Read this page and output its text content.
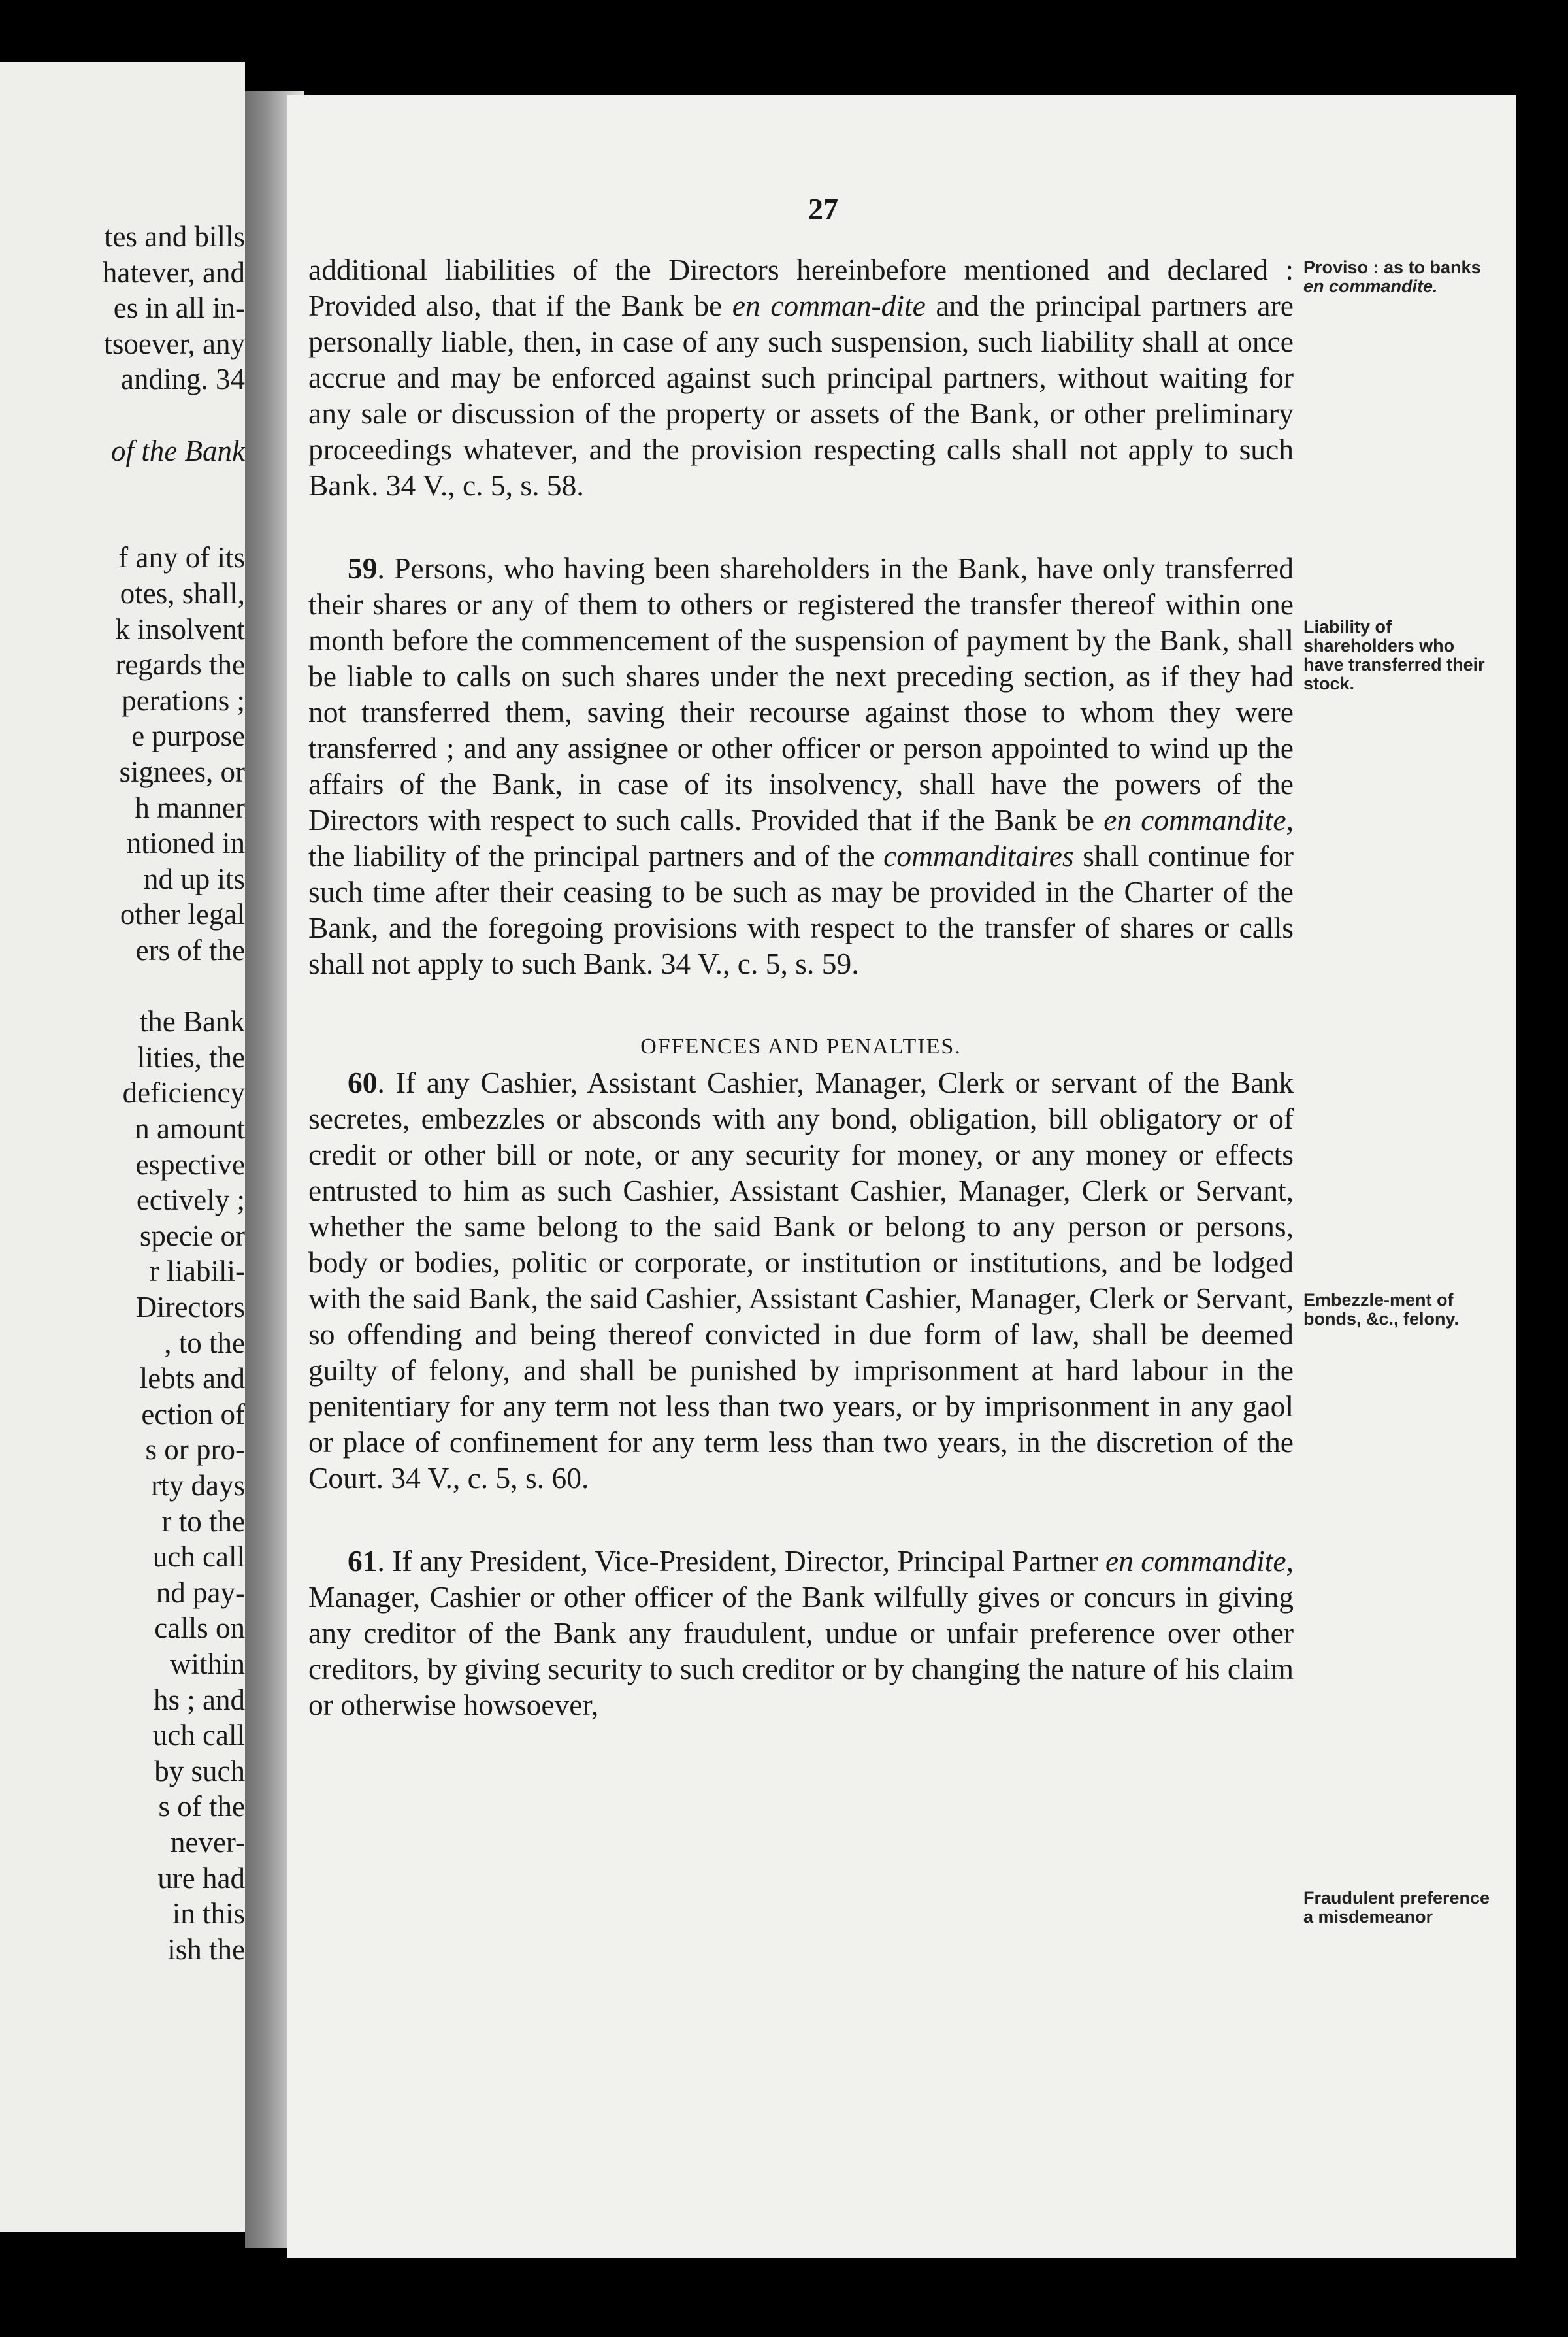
tes and bills
hatever, and
es in all in-
tsoever, any
anding. 34
of the Bank
f any of its
otes, shall,
k insolvent
regards the
perations ;
e purpose
signees, or
h manner
ntioned in
nd up its
other legal
ers of the
the Bank
lities, the
deficiency
n amount
espective
ectively ;
specie or
r liabili-
Directors
, to the
lebts and
ection of
s or pro-
rty days
r to the
uch call
nd pay-
calls on
within
hs ; and
uch call
by such
s of the
never-
ure had
in this
ish the
27

additional liabilities of the Directors hereinbefore mentioned and declared : Provided also, that if the Bank be en comman-dite and the principal partners are personally liable, then, in case of any such suspension, such liability shall at once accrue and may be enforced against such principal partners, without waiting for any sale or discussion of the property or assets of the Bank, or other preliminary proceedings whatever, and the provision respecting calls shall not apply to such Bank. 34 V., c. 5, s. 58.

59. Persons, who having been shareholders in the Bank, have only transferred their shares or any of them to others or registered the transfer thereof within one month before the commencement of the suspension of payment by the Bank, shall be liable to calls on such shares under the next preceding section, as if they had not transferred them, saving their recourse against those to whom they were transferred ; and any assignee or other officer or person appointed to wind up the affairs of the Bank, in case of its insolvency, shall have the powers of the Directors with respect to such calls. Provided that if the Bank be en commandite, the liability of the principal partners and of the commanditaires shall continue for such time after their ceasing to be such as may be provided in the Charter of the Bank, and the foregoing provisions with respect to the transfer of shares or calls shall not apply to such Bank. 34 V., c. 5, s. 59.

OFFENCES AND PENALTIES.

60. If any Cashier, Assistant Cashier, Manager, Clerk or servant of the Bank secretes, embezzles or absconds with any bond, obligation, bill obligatory or of credit or other bill or note, or any security for money, or any money or effects entrusted to him as such Cashier, Assistant Cashier, Manager, Clerk or Servant, whether the same belong to the said Bank or belong to any person or persons, body or bodies, politic or corporate, or institution or institutions, and be lodged with the said Bank, the said Cashier, Assistant Cashier, Manager, Clerk or Servant, so offending and being thereof convicted in due form of law, shall be deemed guilty of felony, and shall be punished by imprisonment at hard labour in the penitentiary for any term not less than two years, or by imprisonment in any gaol or place of confinement for any term less than two years, in the discretion of the Court. 34 V., c. 5, s. 60.

61. If any President, Vice-President, Director, Principal Partner en commandite, Manager, Cashier or other officer of the Bank wilfully gives or concurs in giving any creditor of the Bank any fraudulent, undue or unfair preference over other creditors, by giving security to such creditor or by changing the nature of his claim or otherwise howsoever,

Proviso : as to banks en commandite.
Liability of shareholders who have transferred their stock.
Embezzle-ment of bonds, &c., felony.
Fraudulent preference a misdemeanor
